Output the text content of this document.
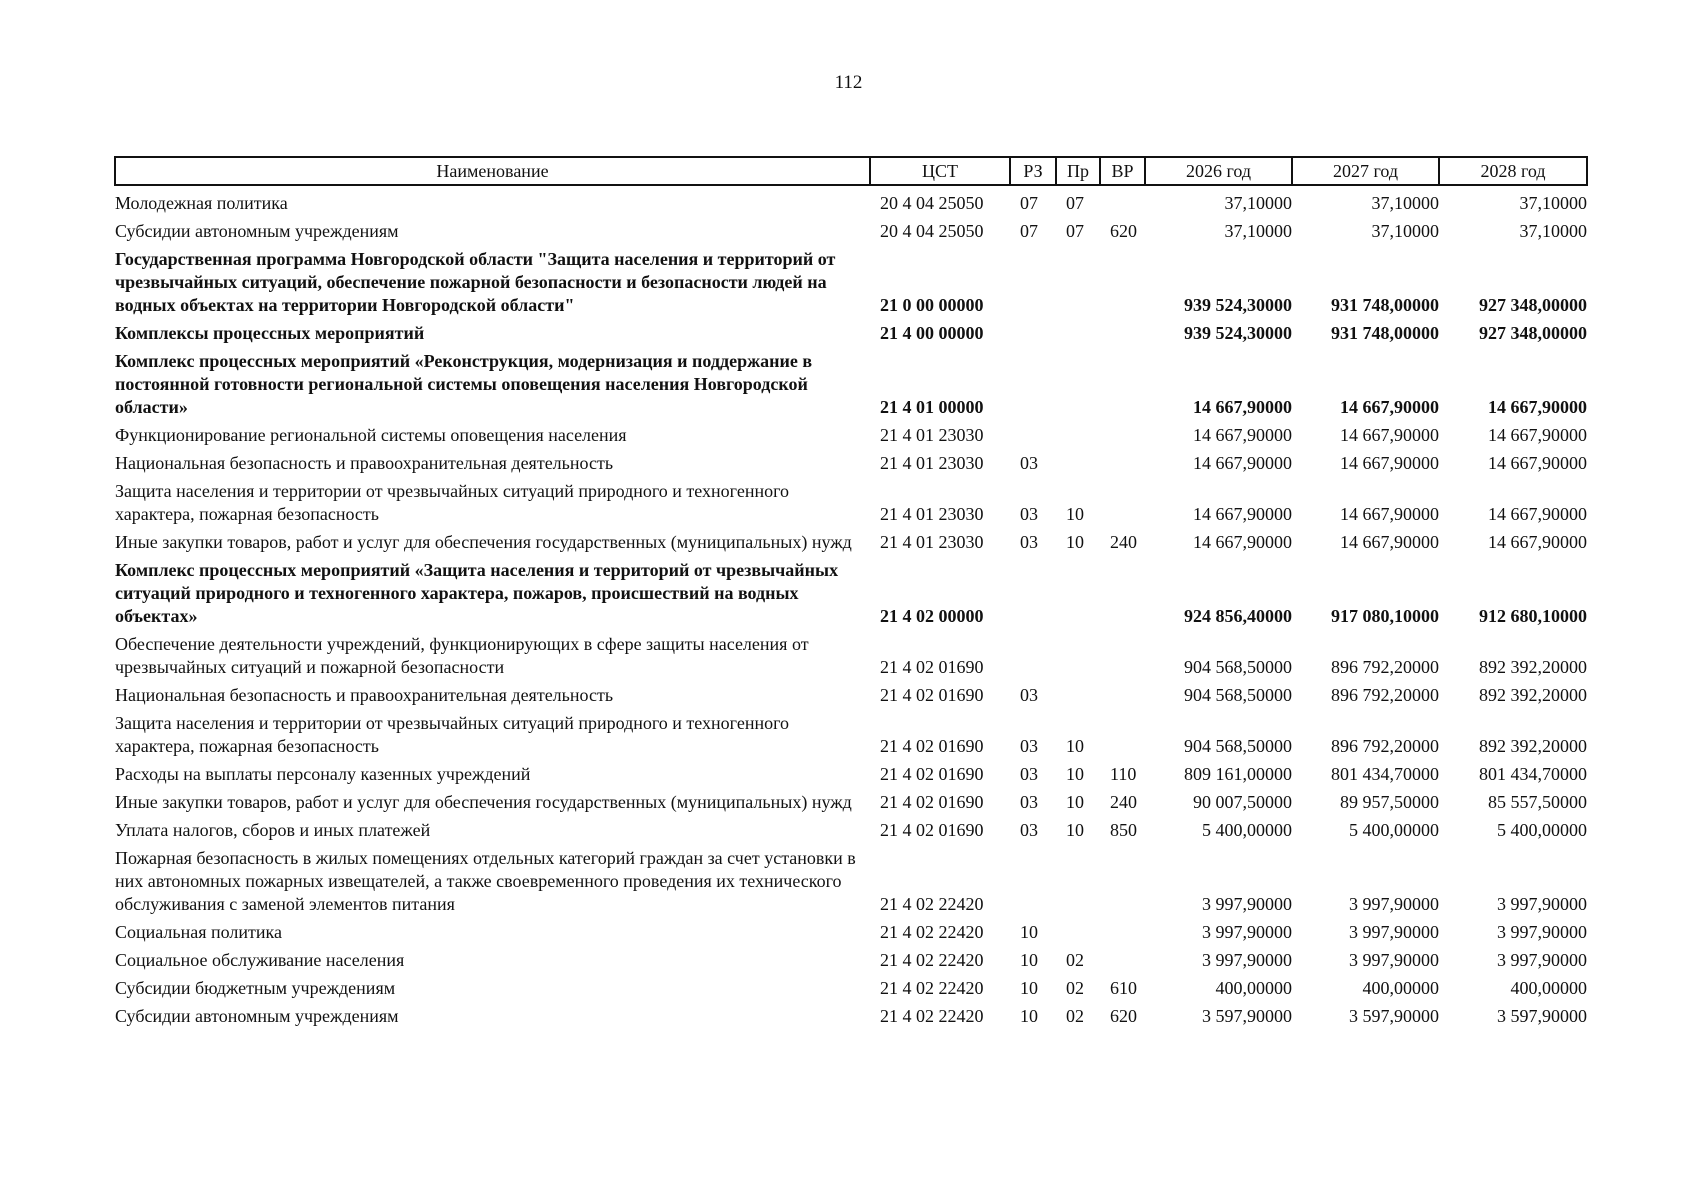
112
Наименование	ЦСТ	РЗ	Пр	ВР	2026 год	2027 год	2028 год
Молодежная политика	20 4 04 25050	07	07		37,10000	37,10000	37,10000
Субсидии автономным учреждениям	20 4 04 25050	07	07	620	37,10000	37,10000	37,10000
Государственная программа Новгородской области "Защита населения и территорий от чрезвычайных ситуаций, обеспечение пожарной безопасности и безопасности людей на водных объектах на территории Новгородской области"	21 0 00 00000				939 524,30000	931 748,00000	927 348,00000
Комплексы процессных мероприятий	21 4 00 00000				939 524,30000	931 748,00000	927 348,00000
Комплекс процессных мероприятий «Реконструкция, модернизация и поддержание в постоянной готовности региональной системы оповещения населения Новгородской области»	21 4 01 00000				14 667,90000	14 667,90000	14 667,90000
Функционирование региональной системы оповещения населения	21 4 01 23030				14 667,90000	14 667,90000	14 667,90000
Национальная безопасность и правоохранительная деятельность	21 4 01 23030	03			14 667,90000	14 667,90000	14 667,90000
Защита населения и территории от чрезвычайных ситуаций природного и техногенного характера, пожарная безопасность	21 4 01 23030	03	10		14 667,90000	14 667,90000	14 667,90000
Иные закупки товаров, работ и услуг для обеспечения государственных (муниципальных) нужд	21 4 01 23030	03	10	240	14 667,90000	14 667,90000	14 667,90000
Комплекс процессных мероприятий «Защита населения и территорий от чрезвычайных ситуаций природного и техногенного характера, пожаров, происшествий на водных объектах»	21 4 02 00000				924 856,40000	917 080,10000	912 680,10000
Обеспечение деятельности учреждений, функционирующих в сфере защиты населения от чрезвычайных ситуаций и пожарной безопасности	21 4 02 01690				904 568,50000	896 792,20000	892 392,20000
Национальная безопасность и правоохранительная деятельность	21 4 02 01690	03			904 568,50000	896 792,20000	892 392,20000
Защита населения и территории от чрезвычайных ситуаций природного и техногенного характера, пожарная безопасность	21 4 02 01690	03	10		904 568,50000	896 792,20000	892 392,20000
Расходы на выплаты персоналу казенных учреждений	21 4 02 01690	03	10	110	809 161,00000	801 434,70000	801 434,70000
Иные закупки товаров, работ и услуг для обеспечения государственных (муниципальных) нужд	21 4 02 01690	03	10	240	90 007,50000	89 957,50000	85 557,50000
Уплата налогов, сборов и иных платежей	21 4 02 01690	03	10	850	5 400,00000	5 400,00000	5 400,00000
Пожарная безопасность в жилых помещениях отдельных категорий граждан за счет установки в них автономных пожарных извещателей, а также своевременного проведения их технического обслуживания с заменой элементов питания	21 4 02 22420				3 997,90000	3 997,90000	3 997,90000
Социальная политика	21 4 02 22420	10			3 997,90000	3 997,90000	3 997,90000
Социальное обслуживание населения	21 4 02 22420	10	02		3 997,90000	3 997,90000	3 997,90000
Субсидии бюджетным учреждениям	21 4 02 22420	10	02	610	400,00000	400,00000	400,00000
Субсидии автономным учреждениям	21 4 02 22420	10	02	620	3 597,90000	3 597,90000	3 597,90000
